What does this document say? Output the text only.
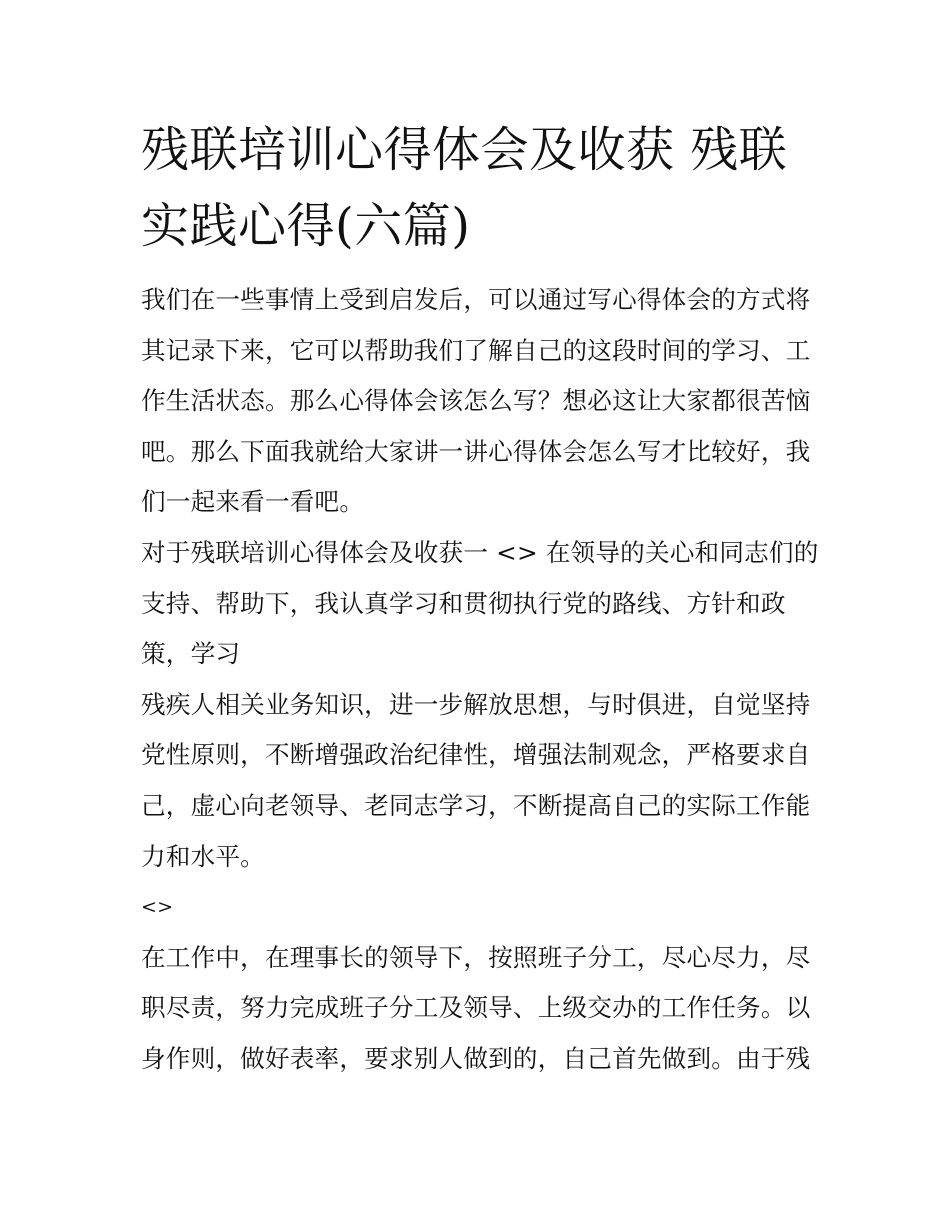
残联培训心得体会及收获 残联
实践心得(六篇)
我们在一些事情上受到启发后，可以通过写心得体会的方式将
其记录下来，它可以帮助我们了解自己的这段时间的学习、工
作生活状态。那么心得体会该怎么写？想必这让大家都很苦恼
吧。那么下面我就给大家讲一讲心得体会怎么写才比较好，我
们一起来看一看吧。
对于残联培训心得体会及收获一 <> 在领导的关心和同志们的
支持、帮助下，我认真学习和贯彻执行党的路线、方针和政
策，学习
残疾人相关业务知识，进一步解放思想，与时俱进，自觉坚持
党性原则，不断增强政治纪律性，增强法制观念，严格要求自
己，虚心向老领导、老同志学习，不断提高自己的实际工作能
力和水平。
<>
在工作中，在理事长的领导下，按照班子分工，尽心尽力，尽
职尽责，努力完成班子分工及领导、上级交办的工作任务。以
身作则，做好表率，要求别人做到的，自己首先做到。由于残
